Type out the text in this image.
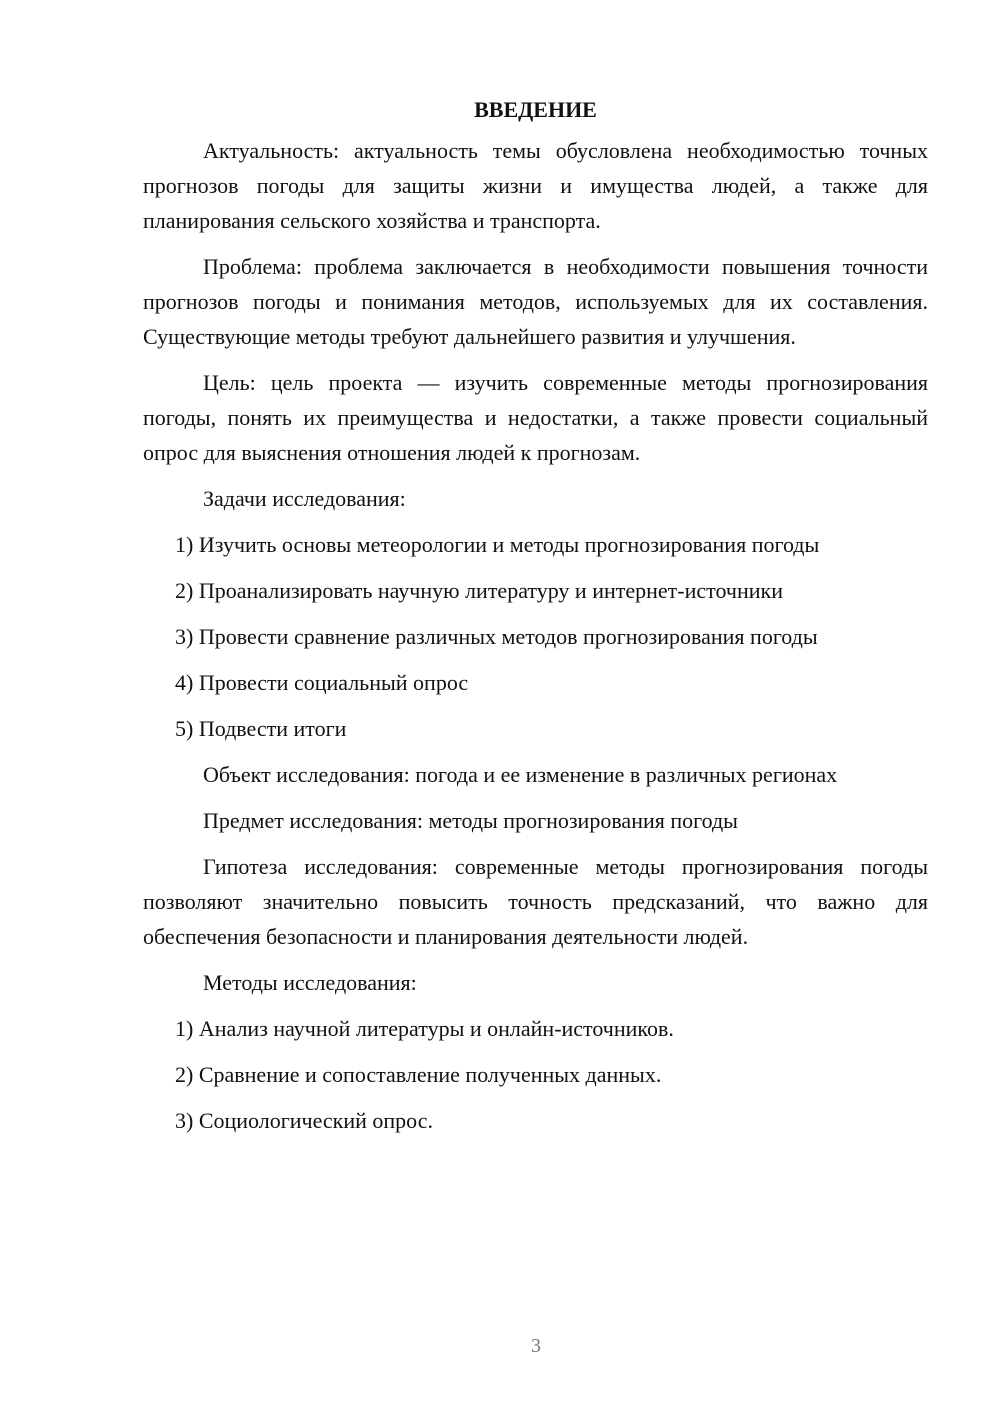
ВВЕДЕНИЕ

Актуальность: актуальность темы обусловлена необходимостью точных прогнозов погоды для защиты жизни и имущества людей, а также для планирования сельского хозяйства и транспорта.

Проблема: проблема заключается в необходимости повышения точности прогнозов погоды и понимания методов, используемых для их составления. Существующие методы требуют дальнейшего развития и улучшения.

Цель: цель проекта — изучить современные методы прогнозирования погоды, понять их преимущества и недостатки, а также провести социальный опрос для выяснения отношения людей к прогнозам.

Задачи исследования:

1) Изучить основы метеорологии и методы прогнозирования погоды

2) Проанализировать научную литературу и интернет-источники

3) Провести сравнение различных методов прогнозирования погоды

4) Провести социальный опрос

5) Подвести итоги

Объект исследования: погода и ее изменение в различных регионах

Предмет исследования: методы прогнозирования погоды

Гипотеза исследования: современные методы прогнозирования погоды позволяют значительно повысить точность предсказаний, что важно для обеспечения безопасности и планирования деятельности людей.

Методы исследования:

1) Анализ научной литературы и онлайн-источников.

2) Сравнение и сопоставление полученных данных.

3) Социологический опрос.

3
